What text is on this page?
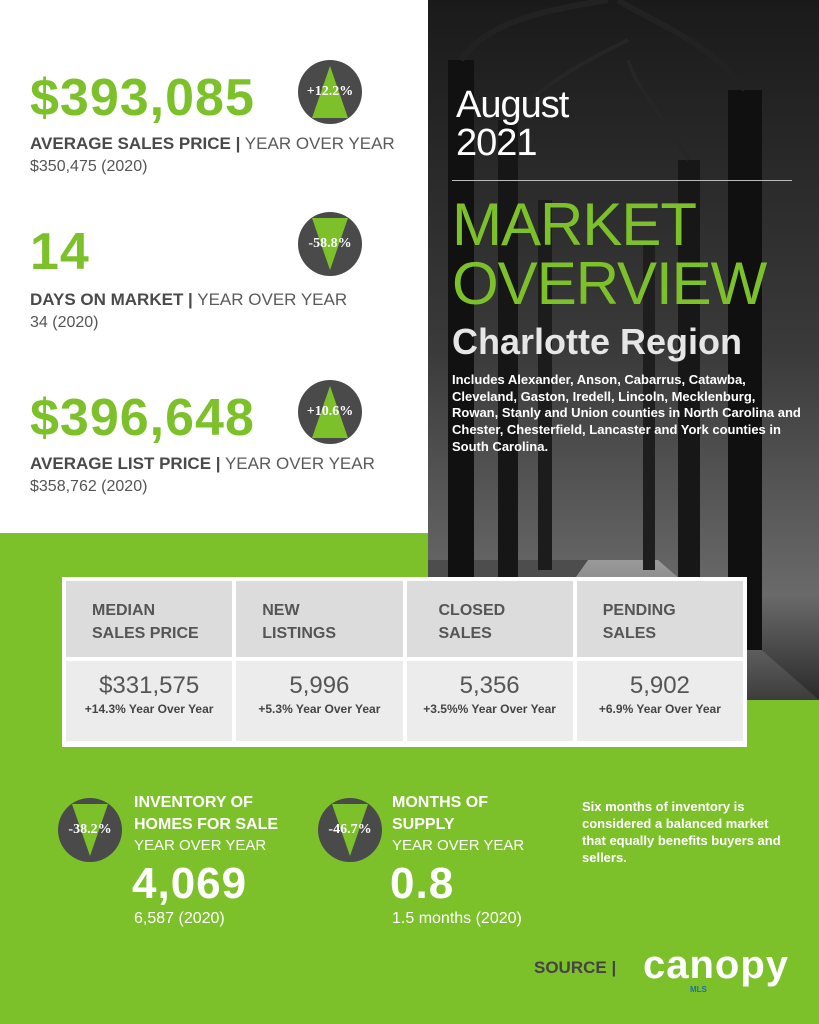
$393,085
AVERAGE SALES PRICE | YEAR OVER YEAR
$350,475 (2020)
+12.2%
14
DAYS ON MARKET | YEAR OVER YEAR
34 (2020)
-58.8%
$396,648
AVERAGE LIST PRICE | YEAR OVER YEAR
$358,762 (2020)
+10.6%
August
2021
MARKET
OVERVIEW
Charlotte Region
Includes Alexander, Anson, Cabarrus, Catawba, Cleveland, Gaston, Iredell, Lincoln, Mecklenburg, Rowan, Stanly and Union counties in North Carolina and Chester, Chesterfield, Lancaster and York counties in South Carolina.
MEDIAN
SALES PRICE
NEW
LISTINGS
CLOSED
SALES
PENDING
SALES
$331,575
+14.3% Year Over Year
5,996
+5.3% Year Over Year
5,356
+3.5%% Year Over Year
5,902
+6.9% Year Over Year
-38.2%
INVENTORY OF
HOMES FOR SALE
YEAR OVER YEAR
4,069
6,587 (2020)
-46.7%
MONTHS OF
SUPPLY
YEAR OVER YEAR
0.8
1.5 months (2020)
Six months of inventory is considered a balanced market that equally benefits buyers and sellers.
SOURCE | canopy
MLS
